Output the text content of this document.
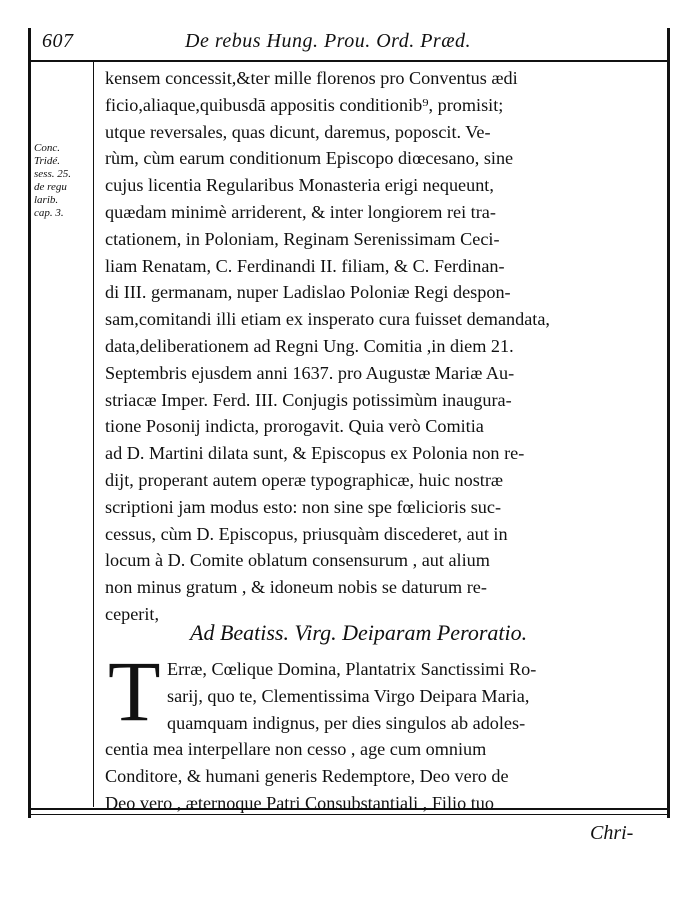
607	De rebus Hung. Prou. Ord. Præd.
Conc.
Tridé.
sess. 25.
de regu
larib.
cap. 3.
kensem concessit,&ter mille florenos pro Conventus ædi
ficio,aliaque,quibusdā appositis conditionib⁹, promisit;
utque reversales, quas dicunt, daremus, poposcit. Ve-
rùm, cùm earum conditionum Episcopo diœcesano, sine
cujus licentia Regularibus Monasteria erigi nequeunt,
quædam minimè arriderent, & inter longiorem rei tra-
ctationem, in Poloniam, Reginam Serenissimam Ceci-
liam Renatam, C. Ferdinandi II. filiam, & C. Ferdinan-
di III. germanam, nuper Ladislao Poloniæ Regi despon-
sam,comitandi illi etiam ex insperato cura fuisset demandata,
data,deliberationem ad Regni Ung. Comitia ,in diem 21.
Septembris ejusdem anni 1637. pro Augustæ Mariæ Au-
striacæ Imper. Ferd. III. Conjugis potissimùm inaugura-
tione Posonij indicta, prorogavit. Quia verò Comitia
ad D. Martini dilata sunt, & Episcopus ex Polonia non re-
dijt, properant autem operæ typographicæ, huic nostræ
scriptioni jam modus esto: non sine spe fœlicioris suc-
cessus, cùm D. Episcopus, priusquàm discederet, aut in
locum à D. Comite oblatum consensurum , aut alium
non minus gratum , & idoneum nobis se daturum re-
ceperit,
Ad Beatiss. Virg. Deiparam Peroratio.
T Erræ, Cœlique Domina, Plantatrix Sanctissimi Ro-
sarij, quo te, Clementissima Virgo Deipara Maria,
quamquam indignus, per dies singulos ab adoles-
centia mea interpellare non cesso , age cum omnium
Conditore, & humani generis Redemptore, Deo vero de
Deo vero , æternoque Patri Consubstantiali , Filio tuo
Chri-
